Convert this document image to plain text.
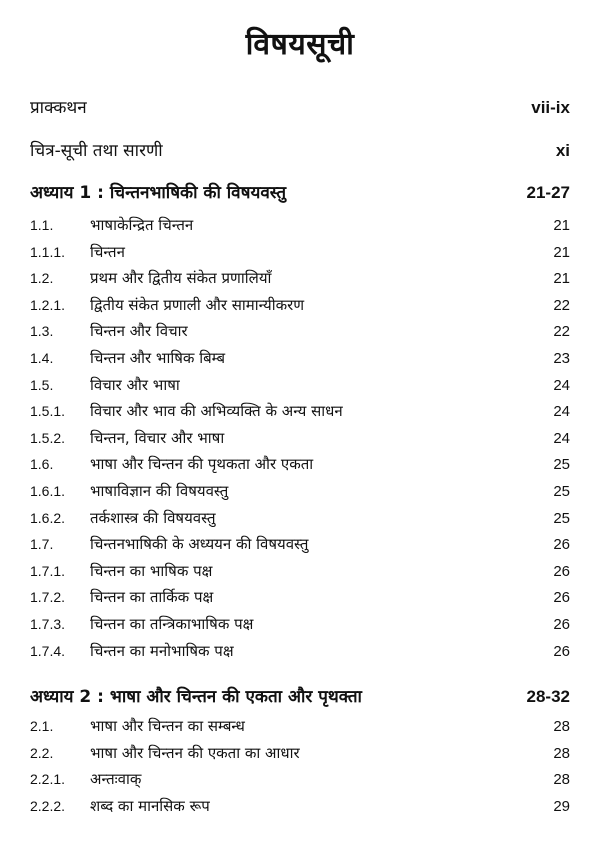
विषयसूची
प्राक्कथन	vii-ix
चित्र-सूची तथा सारणी	xi
अध्याय 1 : चिन्तनभाषिकी की विषयवस्तु	21-27
1.1.	भाषाकेन्द्रित चिन्तन	21
1.1.1.	चिन्तन	21
1.2.	प्रथम और द्वितीय संकेत प्रणालियाँ	21
1.2.1.	द्वितीय संकेत प्रणाली और सामान्यीकरण	22
1.3.	चिन्तन और विचार	22
1.4.	चिन्तन और भाषिक बिम्ब	23
1.5.	विचार और भाषा	24
1.5.1.	विचार और भाव की अभिव्यक्ति के अन्य साधन	24
1.5.2.	चिन्तन, विचार और भाषा	24
1.6.	भाषा और चिन्तन की पृथकता और एकता	25
1.6.1.	भाषाविज्ञान की विषयवस्तु	25
1.6.2.	तर्कशास्त्र की विषयवस्तु	25
1.7.	चिन्तनभाषिकी के अध्ययन की विषयवस्तु	26
1.7.1.	चिन्तन का भाषिक पक्ष	26
1.7.2.	चिन्तन का तार्किक पक्ष	26
1.7.3.	चिन्तन का तन्त्रिकाभाषिक पक्ष	26
1.7.4.	चिन्तन का मनोभाषिक पक्ष	26
अध्याय 2 : भाषा और चिन्तन की एकता और पृथक्ता	28-32
2.1.	भाषा और चिन्तन का सम्बन्ध	28
2.2.	भाषा और चिन्तन की एकता का आधार	28
2.2.1.	अन्तःवाक्	28
2.2.2.	शब्द का मानसिक रूप	29
